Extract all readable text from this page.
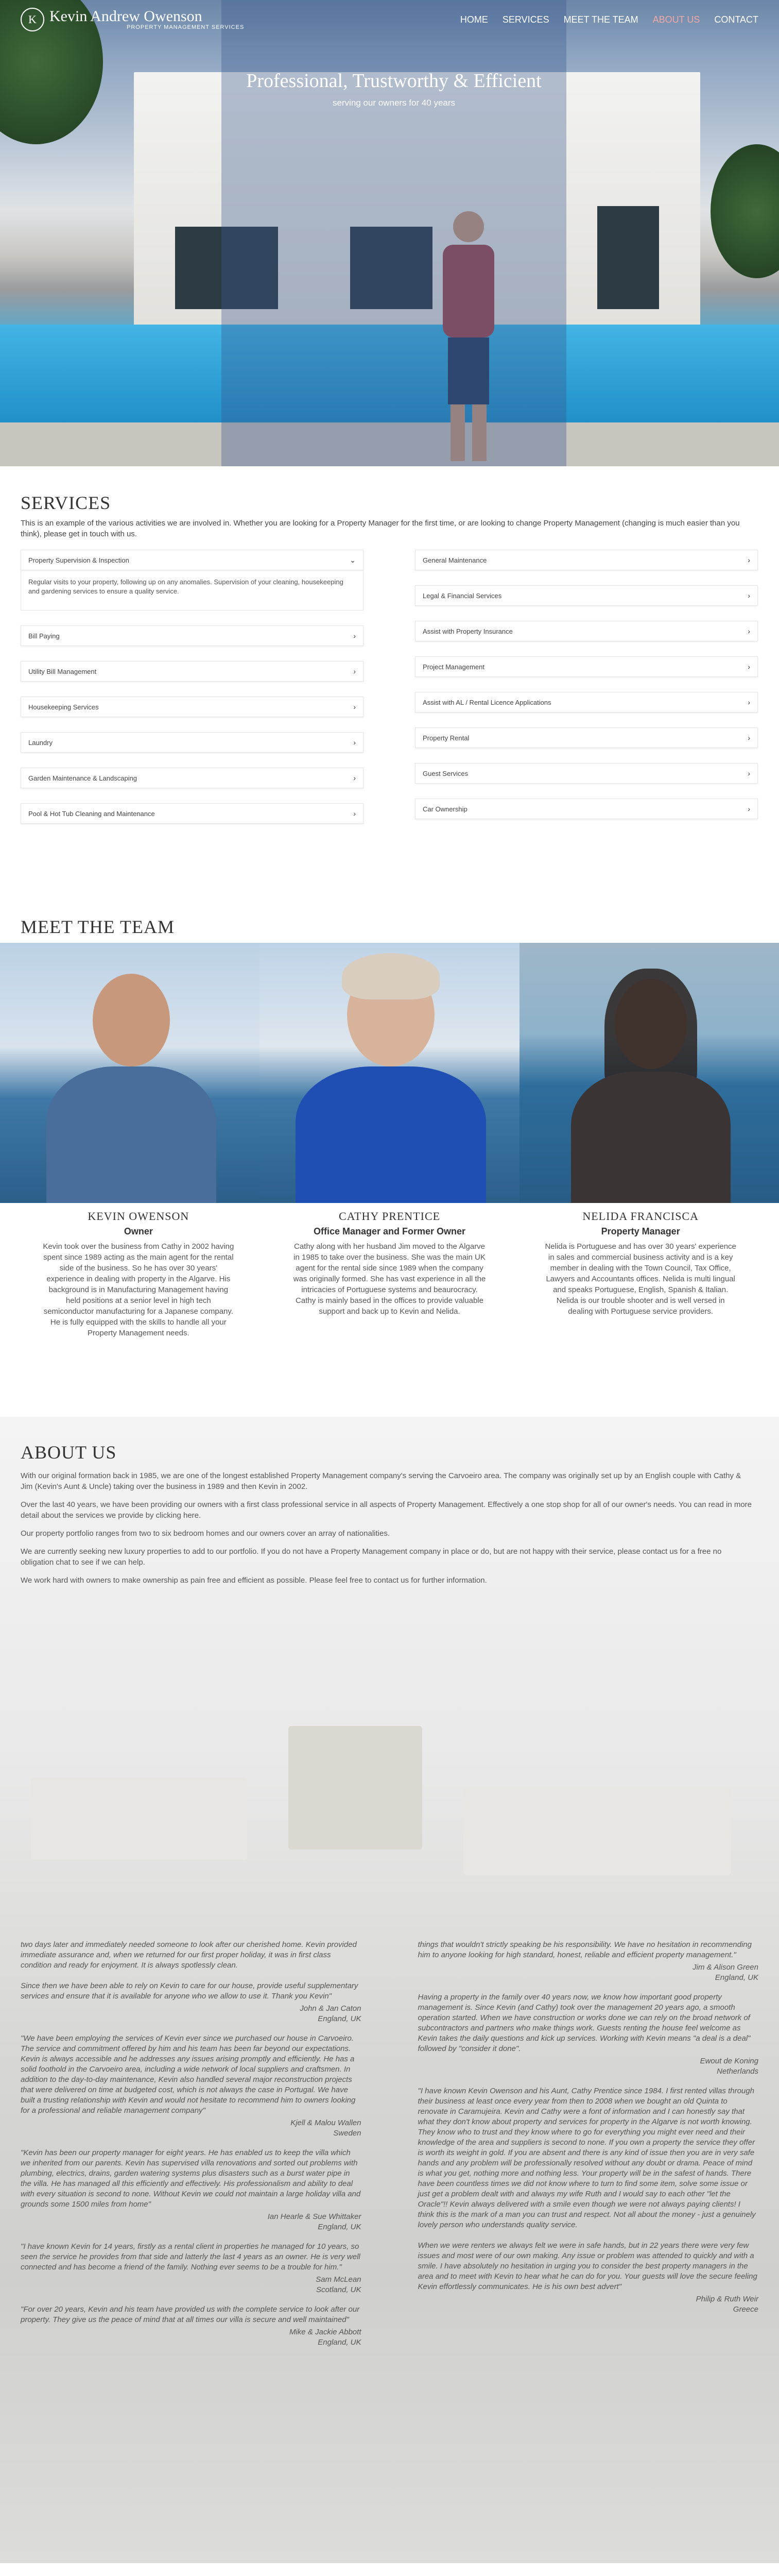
Professional, Trustworthy & Efficient
serving our owners for 40 years
K Kevin Andrew Owenson
PROPERTY MANAGEMENT SERVICES
HOME SERVICES MEET THE TEAM ABOUT US CONTACT
SERVICES

This is an example of the various activities we are involved in. Whether you are looking for a Property Manager for the first time, or are looking to change Property Management (changing is much easier than you think), please get in touch with us.

Property Supervision & Inspection	⌄
Regular visits to your property, following up on any anomalies. Supervision of your cleaning, housekeeping and gardening services to ensure a quality service.
Bill Paying	›
Utility Bill Management	›
Housekeeping Services	›
Laundry	›
Garden Maintenance & Landscaping	›
Pool & Hot Tub Cleaning and Maintenance	›
General Maintenance	›
Legal & Financial Services	›
Assist with Property Insurance	›
Project Management	›
Assist with AL / Rental Licence Applications	›
Property Rental	›
Guest Services	›
Car Ownership	›
MEET THE TEAM
KEVIN OWENSON
Owner
Kevin took over the business from Cathy in 2002 having spent since 1989 acting as the main agent for the rental side of the business. So he has over 30 years' experience in dealing with property in the Algarve. His background is in Manufacturing Management having held positions at a senior level in high tech semiconductor manufacturing for a Japanese company. He is fully equipped with the skills to handle all your Property Management needs.
CATHY PRENTICE
Office Manager and Former Owner
Cathy along with her husband Jim moved to the Algarve in 1985 to take over the business. She was the main UK agent for the rental side since 1989 when the company was originally formed. She has vast experience in all the intricacies of Portuguese systems and beaurocracy. Cathy is mainly based in the offices to provide valuable support and back up to Kevin and Nelida.
NELIDA FRANCISCA
Property Manager
Nelida is Portuguese and has over 30 years' experience in sales and commercial business activity and is a key member in dealing with the Town Council, Tax Office, Lawyers and Accountants offices. Nelida is multi lingual and speaks Portuguese, English, Spanish & Italian. Nelida is our trouble shooter and is well versed in dealing with Portuguese service providers.
ABOUT US

With our original formation back in 1985, we are one of the longest established Property Management company's serving the Carvoeiro area. The company was originally set up by an English couple with Cathy & Jim (Kevin's Aunt & Uncle) taking over the business in 1989 and then Kevin in 2002.

Over the last 40 years, we have been providing our owners with a first class professional service in all aspects of Property Management. Effectively a one stop shop for all of our owner's needs. You can read in more detail about the services we provide by clicking here.

Our property portfolio ranges from two to six bedroom homes and our owners cover an array of nationalities.

We are currently seeking new luxury properties to add to our portfolio. If you do not have a Property Management company in place or do, but are not happy with their service, please contact us for a free no obligation chat to see if we can help.

We work hard with owners to make ownership as pain free and efficient as possible. Please feel free to contact us for further information.

two days later and immediately needed someone to look after our cherished home. Kevin provided immediate assurance and, when we returned for our first proper holiday, it was in first class condition and ready for enjoyment. It is always spotlessly clean.

Since then we have been able to rely on Kevin to care for our house, provide useful supplementary services and ensure that it is available for anyone who we allow to use it. Thank you Kevin"
John & Jan Caton
England, UK
"We have been employing the services of Kevin ever since we purchased our house in Carvoeiro. The service and commitment offered by him and his team has been far beyond our expectations. Kevin is always accessible and he addresses any issues arising promptly and efficiently. He has a solid foothold in the Carvoeiro area, including a wide network of local suppliers and craftsmen. In addition to the day-to-day maintenance, Kevin also handled several major reconstruction projects that were delivered on time at budgeted cost, which is not always the case in Portugal. We have built a trusting relationship with Kevin and would not hesitate to recommend him to owners looking for a professional and reliable management company"
Kjell & Malou Wallen
Sweden
"Kevin has been our property manager for eight years. He has enabled us to keep the villa which we inherited from our parents. Kevin has supervised villa renovations and sorted out problems with plumbing, electrics, drains, garden watering systems plus disasters such as a burst water pipe in the villa. He has managed all this efficiently and effectively. His professionalism and ability to deal with every situation is second to none. Without Kevin we could not maintain a large holiday villa and grounds some 1500 miles from home"
Ian Hearle & Sue Whittaker
England, UK
"I have known Kevin for 14 years, firstly as a rental client in properties he managed for 10 years, so seen the service he provides from that side and latterly the last 4 years as an owner. He is very well connected and has become a friend of the family. Nothing ever seems to be a trouble for him."
Sam McLean
Scotland, UK
"For over 20 years, Kevin and his team have provided us with the complete service to look after our property. They give us the peace of mind that at all times our villa is secure and well maintained"
Mike & Jackie Abbott
England, UK
things that wouldn't strictly speaking be his responsibility. We have no hesitation in recommending him to anyone looking for high standard, honest, reliable and efficient property management."
Jim & Alison Green
England, UK
Having a property in the family over 40 years now, we know how important good property management is. Since Kevin (and Cathy) took over the management 20 years ago, a smooth operation started. When we have construction or works done we can rely on the broad network of subcontractors and partners who make things work. Guests renting the house feel welcome as Kevin takes the daily questions and kick up services. Working with Kevin means "a deal is a deal" followed by "consider it done".
Ewout de Koning
Netherlands
"I have known Kevin Owenson and his Aunt, Cathy Prentice since 1984. I first rented villas through their business at least once every year from then to 2008 when we bought an old Quinta to renovate in Caramujeira. Kevin and Cathy were a font of information and I can honestly say that what they don't know about property and services for property in the Algarve is not worth knowing. They know who to trust and they know where to go for everything you might ever need and their knowledge of the area and suppliers is second to none. If you own a property the service they offer is worth its weight in gold. If you are absent and there is any kind of issue then you are in very safe hands and any problem will be professionally resolved without any doubt or drama. Peace of mind is what you get, nothing more and nothing less. Your property will be in the safest of hands. There have been countless times we did not know where to turn to find some item, solve some issue or just get a problem dealt with and always my wife Ruth and I would say to each other "let the Oracle"!! Kevin always delivered with a smile even though we were not always paying clients! I think this is the mark of a man you can trust and respect. Not all about the money - just a genuinely lovely person who understands quality service.

When we were renters we always felt we were in safe hands, but in 22 years there were very few issues and most were of our own making. Any issue or problem was attended to quickly and with a smile. I have absolutely no hesitation in urging you to consider the best property managers in the area and to meet with Kevin to hear what he can do for you. Your guests will love the secure feeling Kevin effortlessly communicates. He is his own best advert"
Philip & Ruth Weir
Greece
